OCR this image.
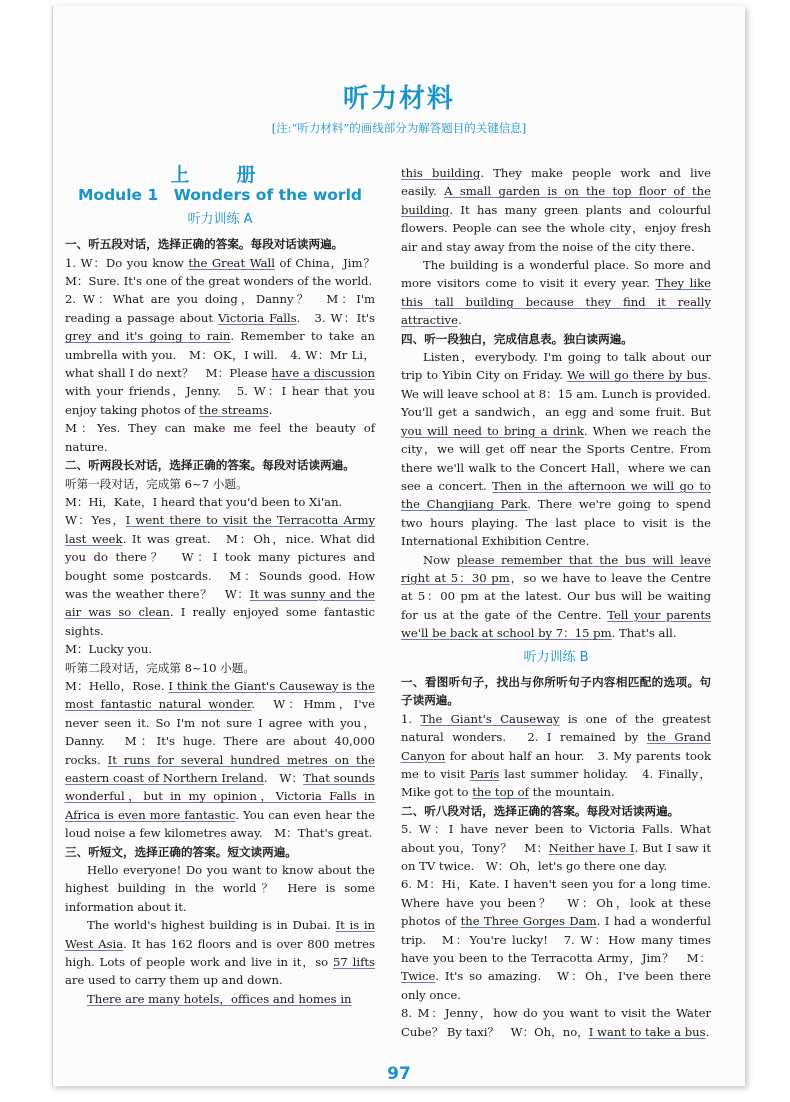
听力材料
[注:“听力材料”的画线部分为解答题目的关键信息]
上　册
Module 1　Wonders of the world
听力训练 A

一、听五段对话，选择正确的答案。每段对话读两遍。

1. W：Do you know the Great Wall of China，Jim？ M：Sure. It's one of the great wonders of the world.

2. W：What are you doing，Danny？　M：I'm reading a passage about Victoria Falls.　3. W：It's grey and it's going to rain. Remember to take an umbrella with you.　M：OK，I will.　4. W：Mr Li，what shall I do next？　M：Please have a discussion with your friends，Jenny.　5. W：I hear that you enjoy taking photos of the streams.

M：Yes. They can make me feel the beauty of nature.

二、听两段长对话，选择正确的答案。每段对话读两遍。

听第一段对话，完成第 6~7 小题。

M：Hi，Kate，I heard that you'd been to Xi'an.

W：Yes，I went there to visit the Terracotta Army last week. It was great.　M：Oh，nice. What did you do there？　W：I took many pictures and bought some postcards.　M：Sounds good. How was the weather there？　W：It was sunny and the air was so clean. I really enjoyed some fantastic sights.

M：Lucky you.

听第二段对话，完成第 8~10 小题。

M：Hello，Rose. I think the Giant's Causeway is the most fantastic natural wonder.　W：Hmm，I've never seen it. So I'm not sure I agree with you，Danny.　M：It's huge. There are about 40,000 rocks. It runs for several hundred metres on the eastern coast of Northern Ireland.　W：That sounds wonderful，but in my opinion，Victoria Falls in Africa is even more fantastic. You can even hear the loud noise a few kilometres away.　M：That's great.

三、听短文，选择正确的答案。短文读两遍。

Hello everyone! Do you want to know about the highest building in the world？ Here is some information about it.

The world's highest building is in Dubai. It is in West Asia. It has 162 floors and is over 800 metres high. Lots of people work and live in it，so 57 lifts are used to carry them up and down.

There are many hotels，offices and homes in

this building. They make people work and live easily. A small garden is on the top floor of the building. It has many green plants and colourful flowers. People can see the whole city，enjoy fresh air and stay away from the noise of the city there.

The building is a wonderful place. So more and more visitors come to visit it every year. They like this tall building because they find it really attractive.

四、听一段独白，完成信息表。独白读两遍。

Listen，everybody. I'm going to talk about our trip to Yibin City on Friday. We will go there by bus. We will leave school at 8：15 am. Lunch is provided. You'll get a sandwich，an egg and some fruit. But you will need to bring a drink. When we reach the city，we will get off near the Sports Centre. From there we'll walk to the Concert Hall，where we can see a concert. Then in the afternoon we will go to the Changjiang Park. There we're going to spend two hours playing. The last place to visit is the International Exhibition Centre.

Now please remember that the bus will leave right at 5：30 pm，so we have to leave the Centre at 5：00 pm at the latest. Our bus will be waiting for us at the gate of the Centre. Tell your parents we'll be back at school by 7：15 pm. That's all.

听力训练 B

一、看图听句子，找出与你所听句子内容相匹配的选项。句子读两遍。

1. The Giant's Causeway is one of the greatest natural wonders.　2. I remained by the Grand Canyon for about half an hour.　3. My parents took me to visit Paris last summer holiday.　4. Finally，Mike got to the top of the mountain.

二、听八段对话，选择正确的答案。每段对话读两遍。

5. W：I have never been to Victoria Falls. What about you，Tony？　M：Neither have I. But I saw it on TV twice.　W：Oh，let's go there one day.

6. M：Hi，Kate. I haven't seen you for a long time. Where have you been？　W：Oh，look at these photos of the Three Gorges Dam. I had a wonderful trip.　M：You're lucky!　7. W：How many times have you been to the Terracotta Army，Jim？　M：Twice. It's so amazing.　W：Oh，I've been there only once.

8. M：Jenny，how do you want to visit the Water Cube？ By taxi？　W：Oh，no，I want to take a bus.

97
